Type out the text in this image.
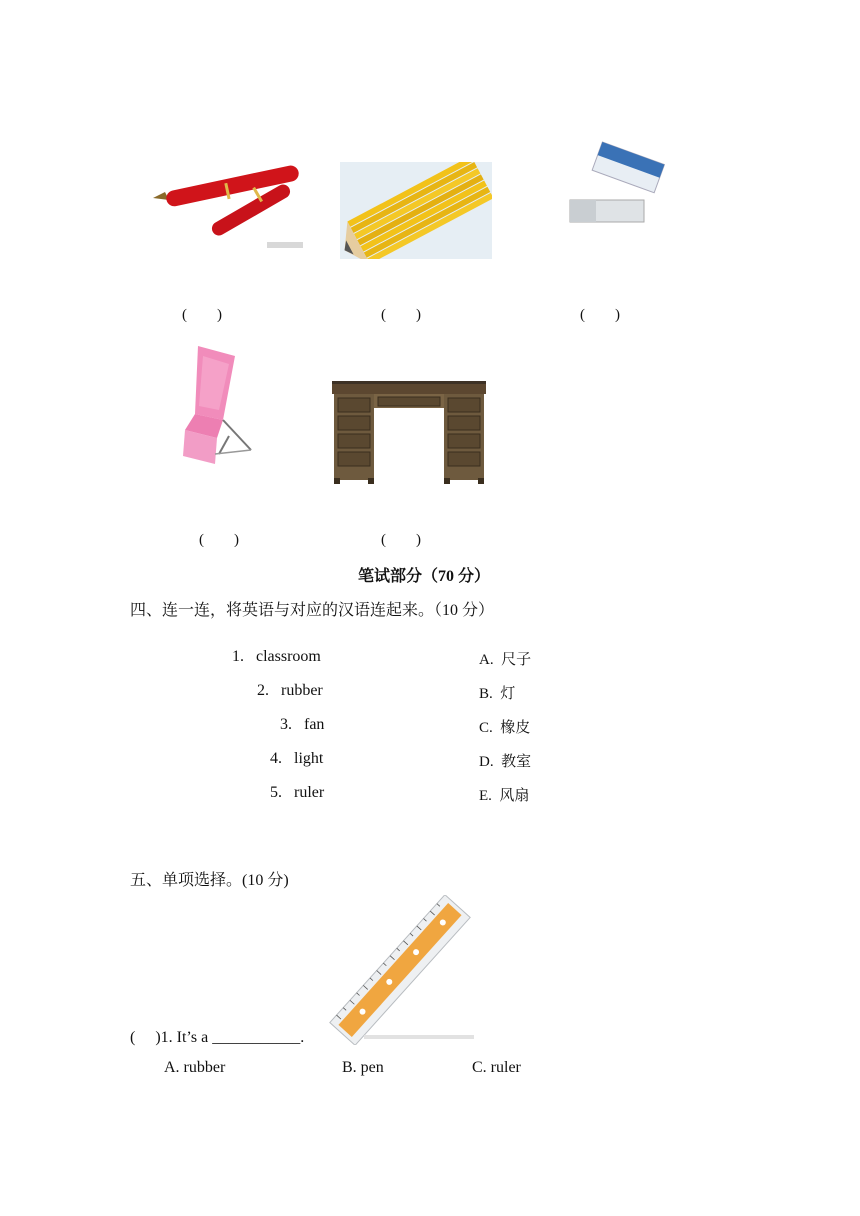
(　　)	(　　)	(　　)
(　　)	(　　)
笔试部分（70 分）
四、连一连，将英语与对应的汉语连起来。（10 分）
1. classroom
2. rubber
3. fan
4. light
5. ruler
A. 尺子
B. 灯
C. 橡皮
D. 教室
E. 风扇
五、单项选择。(10 分)
( )1. It’s a ___________.
A. rubber	B. pen	C. ruler
